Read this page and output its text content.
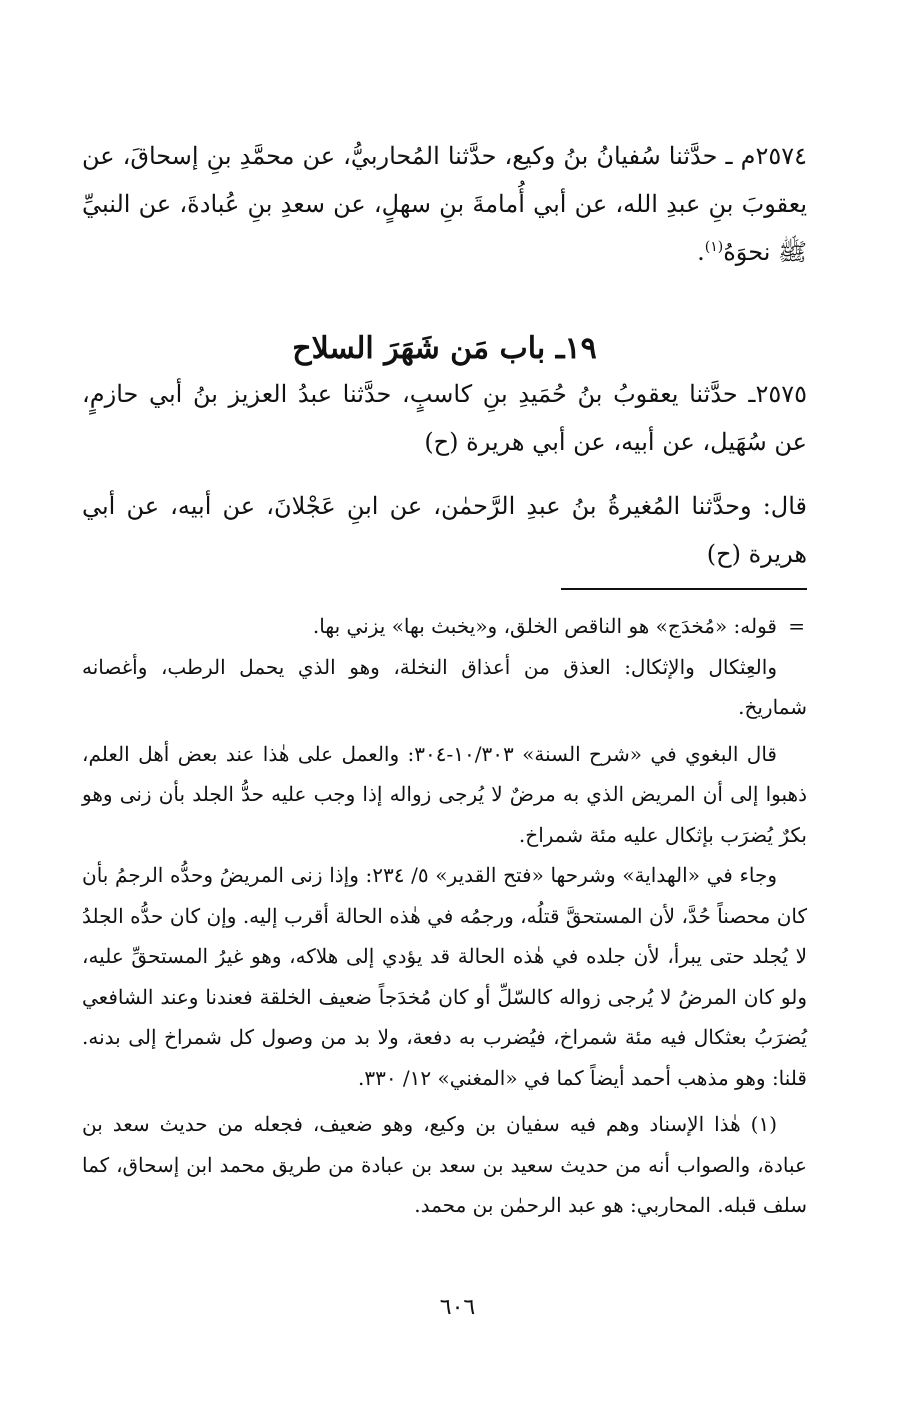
٢٥٧٤م ـ حدَّثنا سُفيانُ بنُ وكيع، حدَّثنا المُحاربيُّ، عن محمَّدِ بنِ إسحاقَ، عن يعقوبَ بنِ عبدِ الله، عن أبي أُمامةَ بنِ سهلٍ، عن سعدِ بنِ عُبادةَ، عن النبيِّ ﷺ نحوَهُ$^{(١)}$.

١٩ـ باب مَن شَهَرَ السلاح

٢٥٧٥ـ حدَّثنا يعقوبُ بنُ حُمَيدِ بنِ كاسبٍ، حدَّثنا عبدُ العزيز بنُ أبي حازمٍ، عن سُهَيل، عن أبيه، عن أبي هريرة (ح)

قال: وحدَّثنا المُغيرةُ بنُ عبدِ الرَّحمٰن، عن ابنِ عَجْلانَ، عن أبيه، عن أبي هريرة (ح)

=
قوله: «مُخدَج» هو الناقص الخلق، و«يخبث بها» يزني بها.

والعِثكال والإثكال: العذق من أعذاق النخلة، وهو الذي يحمل الرطب، وأغصانه شماريخ.

قال البغوي في «شرح السنة» ١٠/٣٠٣-٣٠٤: والعمل على هٰذا عند بعض أهل العلم، ذهبوا إلى أن المريض الذي به مرضٌ لا يُرجى زواله إذا وجب عليه حدُّ الجلد بأن زنى وهو بكرٌ يُضرَب بإثكال عليه مئة شمراخ.

وجاء في «الهداية» وشرحها «فتح القدير» ٥/ ٢٣٤: وإذا زنى المريضُ وحدُّه الرجمُ بأن كان محصناً حُدَّ، لأن المستحقَّ قتلُه، ورجمُه في هٰذه الحالة أقرب إليه. وإن كان حدُّه الجلدُ لا يُجلد حتى يبرأ، لأن جلده في هٰذه الحالة قد يؤدي إلى هلاكه، وهو غيرُ المستحقِّ عليه، ولو كان المرضُ لا يُرجى زواله كالسّلِّ أو كان مُخدَجاً ضعيف الخلقة فعندنا وعند الشافعي يُضرَبُ بعثكال فيه مئة شمراخ، فيُضرب به دفعة، ولا بد من وصول كل شمراخ إلى بدنه. قلنا: وهو مذهب أحمد أيضاً كما في «المغني» ١٢/ ٣٣٠.

(١) هٰذا الإسناد وهم فيه سفيان بن وكيع، وهو ضعيف، فجعله من حديث سعد بن عبادة، والصواب أنه من حديث سعيد بن سعد بن عبادة من طريق محمد ابن إسحاق، كما سلف قبله. المحاربي: هو عبد الرحمٰن بن محمد.

٦٠٦
